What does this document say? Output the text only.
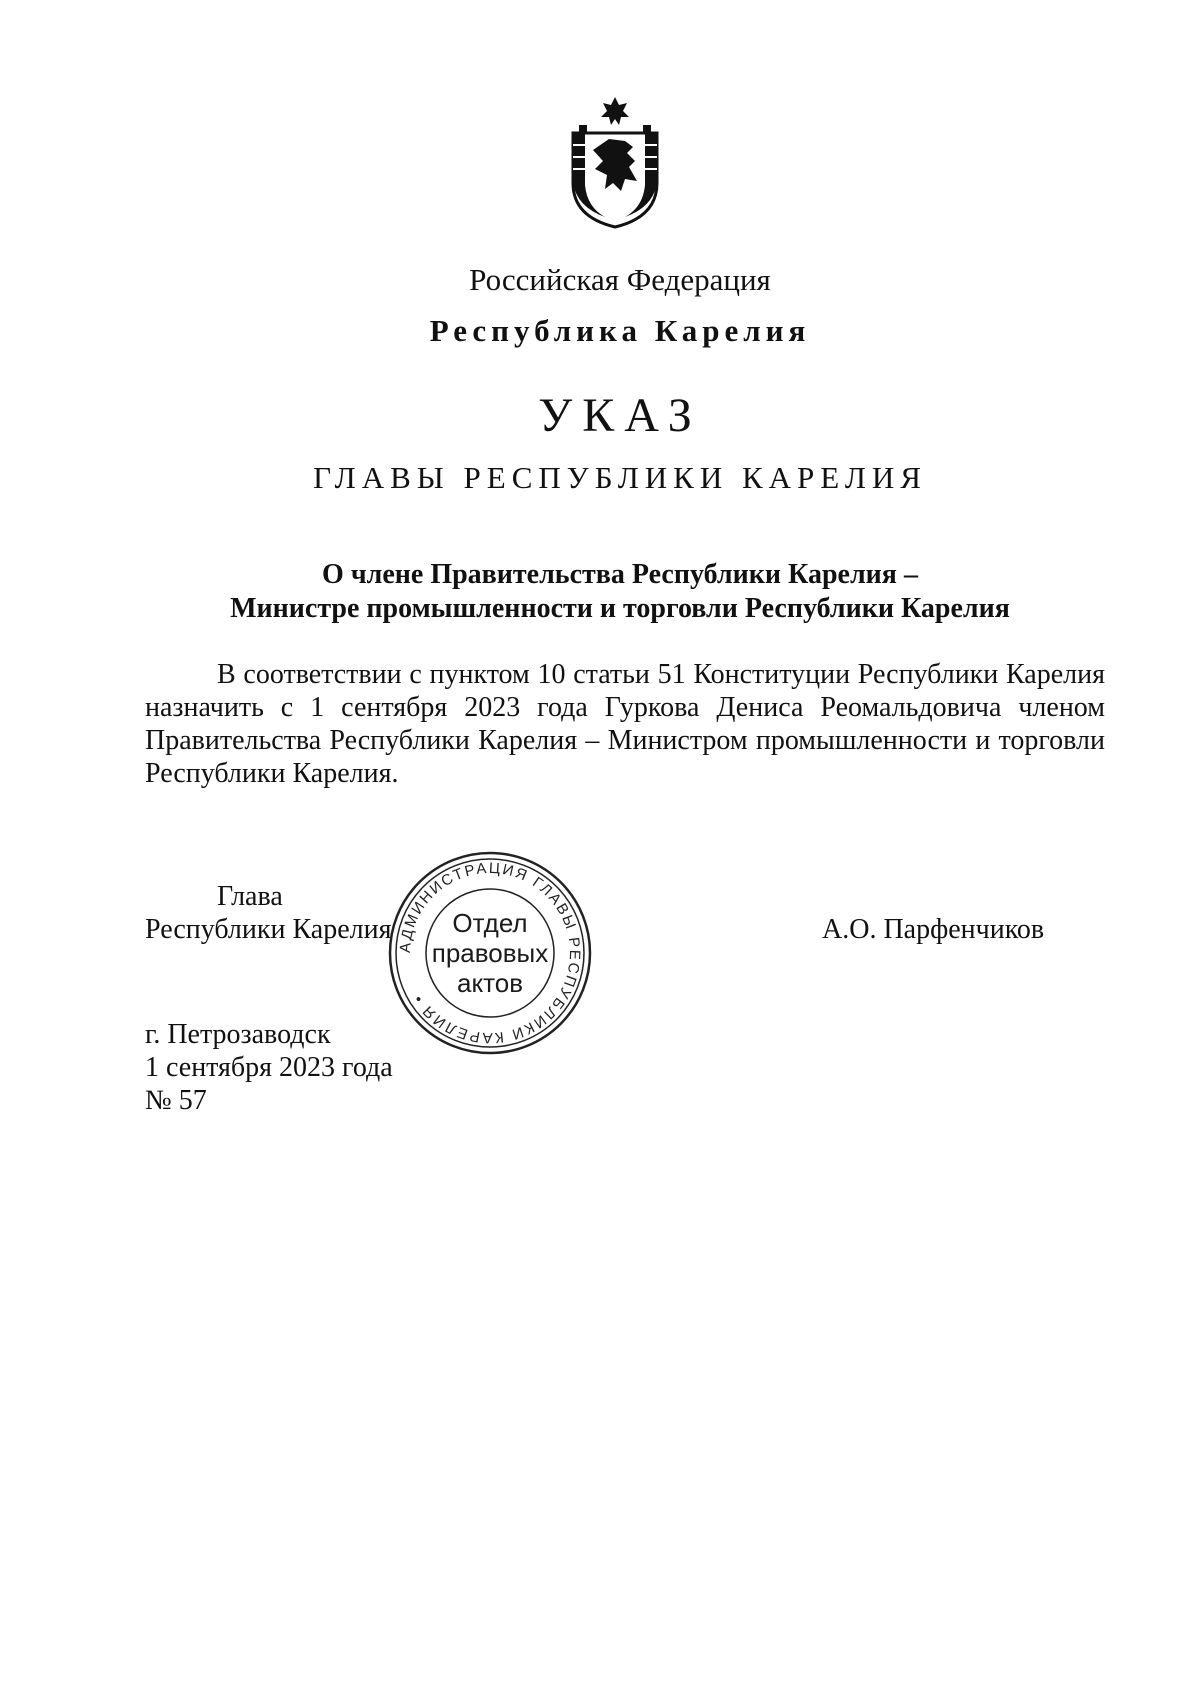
Российская Федерация
Республика Карелия
УКАЗ
ГЛАВЫ РЕСПУБЛИКИ КАРЕЛИЯ
О члене Правительства Республики Карелия –
Министре промышленности и торговли Республики Карелия
В соответствии с пунктом 10 статьи 51 Конституции Республики Карелия назначить с 1 сентября 2023 года Гуркова Дениса Реомальдовича членом Правительства Республики Карелия – Министром промышленности и торговли Республики Карелия.
Глава
Республики Карелия	А.О. Парфенчиков
АДМИНИСТРАЦИЯ ГЛАВЫ РЕСПУБЛИКИ КАРЕЛИЯ •
Отдел
правовых
актов
г. Петрозаводск
1 сентября 2023 года
№ 57
